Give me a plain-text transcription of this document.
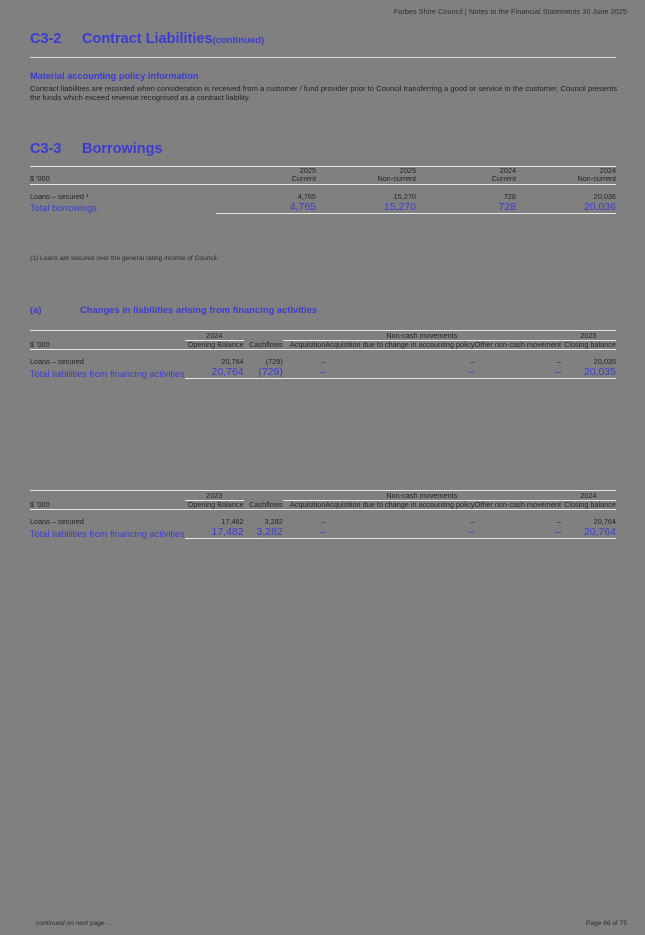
Forbes Shire Council | Notes to the Financial Statements 30 June 2025
C3-2 Contract Liabilities(continued)
Material accounting policy information
Contract liabilities are recorded when consideration is received from a customer / fund provider prior to Council transferring a good or service to the customer. Council presents the funds which exceed revenue recognised as a contract liability.
C3-3 Borrowings
	2025	2025	2024	2024
$ '000	Current	Non-current	Current	Non-current

Loans – secured ¹	4,765	15,270	728	20,036
Total borrowings	4,765	15,270	728	20,036
(1) Loans are secured over the general rating income of Council.
(a)	Changes in liabilities arising from financing activities
	2024		Non-cash movements			2025
$ '000	Opening Balance	Cashflows	Acquisition	Acquisition due to change in accounting policy	Other non-cash movement	Closing balance

Loans – secured	20,764	(729)	–	–	–	20,035
Total liabilities from financing activities	20,764	(729)	–	–	–	20,035
	2023		Non-cash movements			2024
$ '000	Opening Balance	Cashflows	Acquisition	Acquisition due to change in accounting policy	Other non-cash movement	Closing balance

Loans – secured	17,482	3,282	–	–	–	20,764
Total liabilities from financing activities	17,482	3,282	–	–	–	20,764
continued on next page ...	Page 66 of 75
